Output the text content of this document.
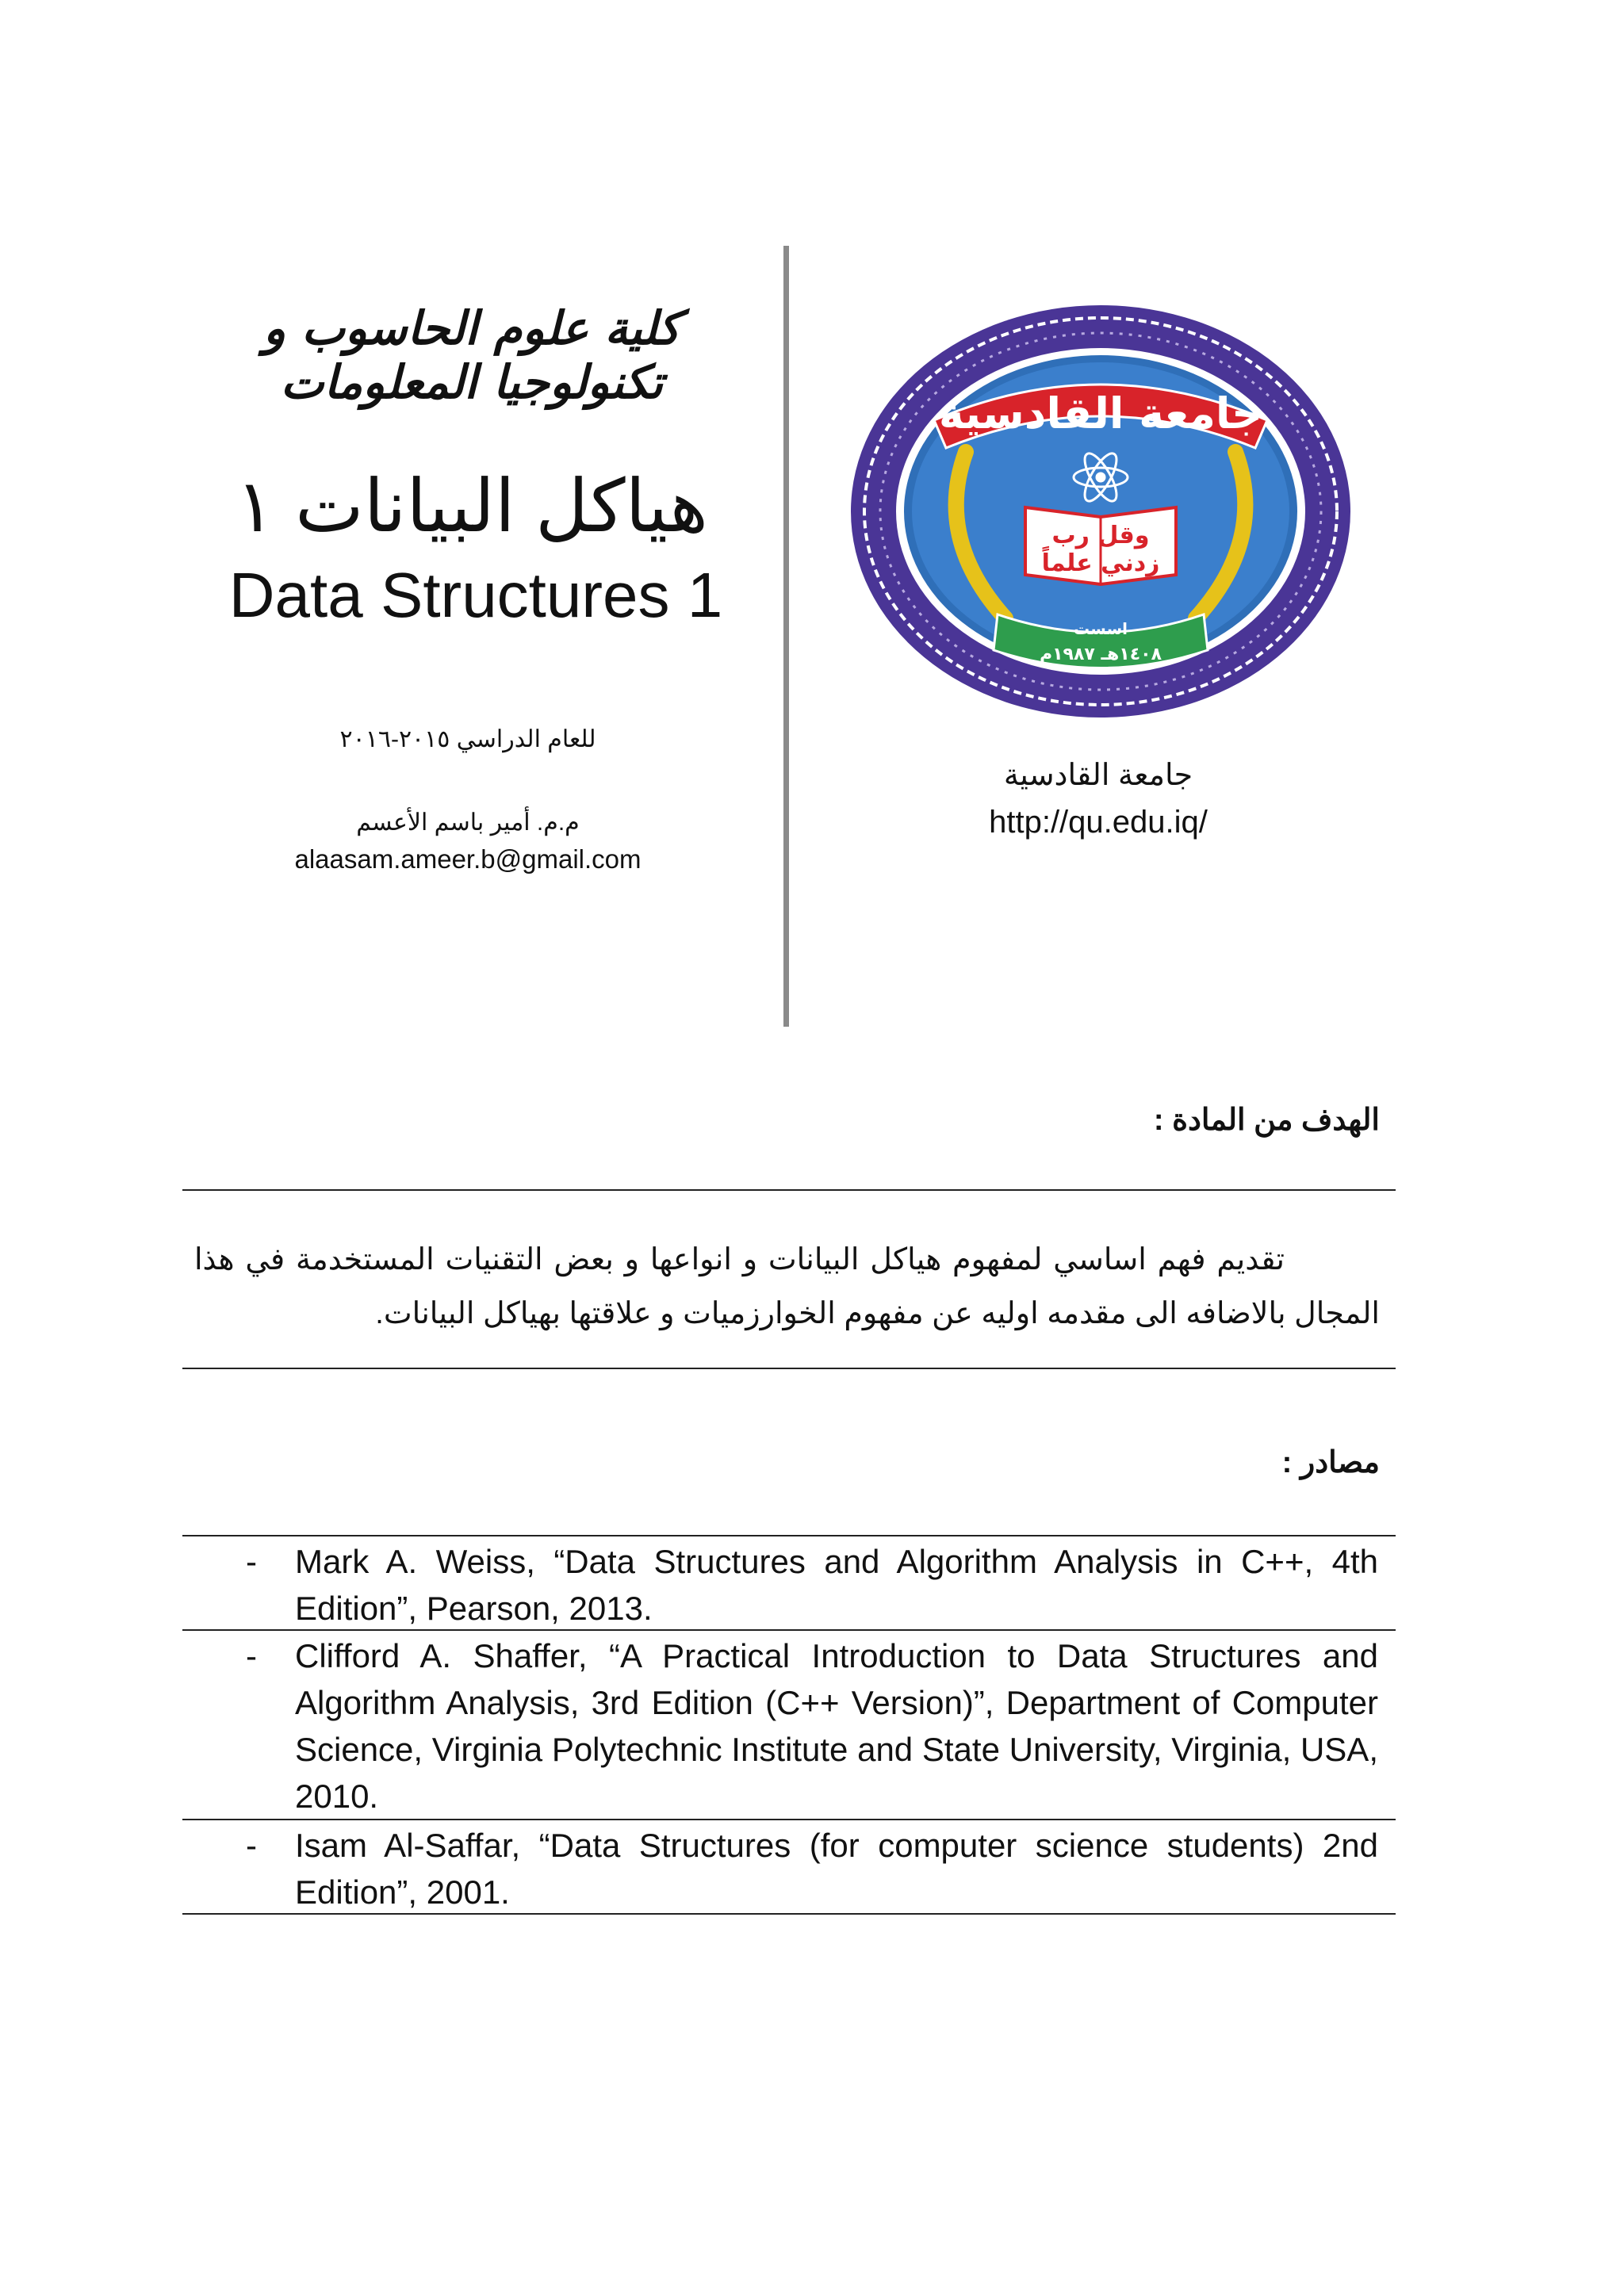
كلية علوم الحاسوب و تكنولوجيا المعلومات
هياكل البيانات ١
Data Structures 1
للعام الدراسي ٢٠١٥-٢٠١٦
م.م. أمير باسم الأعسم
alaasam.ameer.b@gmail.com
جامعة القادسية
وقل رب
زدني علماً
اسست
١٤٠٨هـ ١٩٨٧م
جامعة القادسية
http://qu.edu.iq/
الهدف من المادة :
تقديم فهم اساسي لمفهوم هياكل البيانات و انواعها و بعض التقنيات المستخدمة في هذا المجال بالاضافه الى مقدمه اوليه عن مفهوم الخوارزميات و علاقتها بهياكل البيانات.
مصادر :
- Mark A. Weiss, “Data Structures and Algorithm Analysis in C++, 4th Edition”, Pearson, 2013.
- Clifford A. Shaffer, “A Practical Introduction to Data Structures and Algorithm Analysis, 3rd Edition (C++ Version)”, Department of Computer Science, Virginia Polytechnic Institute and State University, Virginia, USA, 2010.
- Isam Al-Saffar, “Data Structures (for computer science students) 2nd Edition”, 2001.
